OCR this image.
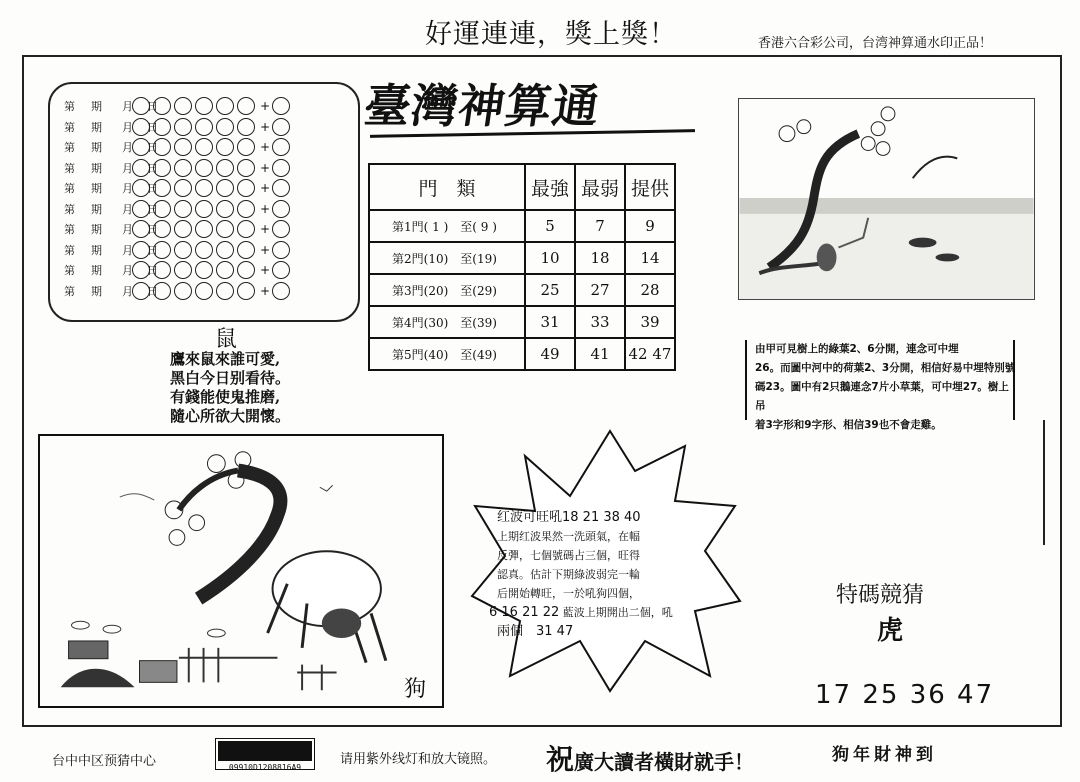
好運連連，獎上獎！	香港六合彩公司，台湾神算通水印正品！
第 期 月 日	+
第 期 月 日	+
第 期 月 日	+
第 期 月 日	+
第 期 月 日	+
第 期 月 日	+
第 期 月 日	+
第 期 月 日	+
第 期 月 日	+
第 期 月 日	+
鼠
鷹來鼠來誰可愛,
黑白今日别看待。
有錢能使鬼推磨,
隨心所欲大開懷。
臺灣神算通
門　類	最強	最弱	提供
第1門( 1 )　至( 9 )	5	7	9
第2門(10)　至(19)	10	18	14
第3門(20)　至(29)	25	27	28
第4門(30)　至(39)	31	33	39
第5門(40)　至(49)	49	41	42 47	由甲可見樹上的綠葉2、6分開，連念可中埋
26。而圖中河中的荷葉2、3分開，相信好易中埋特別號
碼23。圖中有2只鵝連念7片小草葉，可中埋27。樹上吊
着3字形和9字形、相信39也不會走雞。
狗
红波可旺吼18 21 38 40
上期红波果然一洗頭氣，在幅
反彈，七個號碼占三個，旺得
認真。估計下期綠波弱完一輪
后開始轉旺，一於吼狗四個，
6 16 21 22 藍波上期開出二個，吼
兩個　31 47
特碼競猜
虎
17 25 36 47
台中中区预猜中心	09910D1208816A9
请用紫外线灯和放大镜照。 祝廣大讀者橫財就手！	狗年財神到
